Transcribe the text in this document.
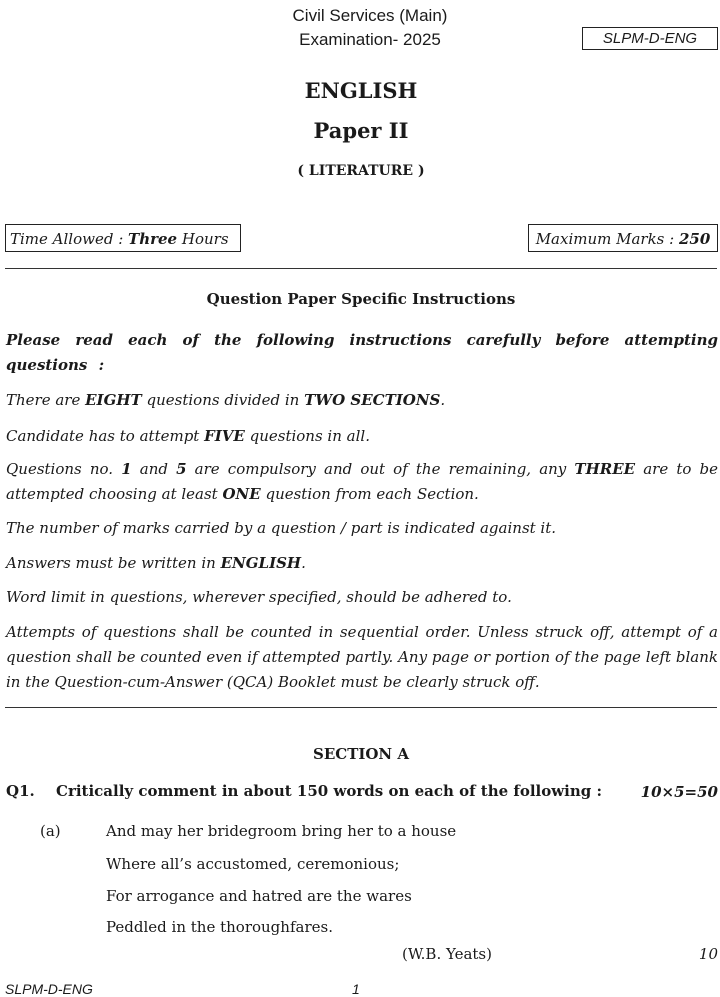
Civil Services (Main)
Examination- 2025	SLPM-D-ENG
ENGLISH
Paper II
( LITERATURE )
Time Allowed : Three Hours	Maximum Marks : 250
Question Paper Specific Instructions
Please read each of the following instructions carefully before attempting questions :
There are EIGHT questions divided in TWO SECTIONS.
Candidate has to attempt FIVE questions in all.
Questions no. 1 and 5 are compulsory and out of the remaining, any THREE are to be attempted choosing at least ONE question from each Section.
The number of marks carried by a question / part is indicated against it.
Answers must be written in ENGLISH.
Word limit in questions, wherever specified, should be adhered to.
Attempts of questions shall be counted in sequential order. Unless struck off, attempt of a question shall be counted even if attempted partly. Any page or portion of the page left blank in the Question-cum-Answer (QCA) Booklet must be clearly struck off.
SECTION A
Q1. Critically comment in about 150 words on each of the following :	10×5=50
(a)	And may her bridegroom bring her to a house
Where all’s accustomed, ceremonious;
For arrogance and hatred are the wares
Peddled in the thoroughfares.
(W.B. Yeats)	10
SLPM-D-ENG	1
